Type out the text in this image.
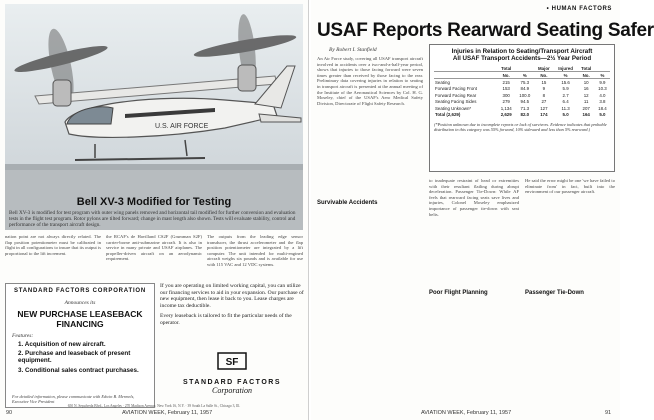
U.S. AIR FORCE
Bell XV-3 Modified for Testing
Bell XV-3 is modified for test program with outer wing panels removed and horizontal tail modified for further conversion and evaluation tests in the flight test program. Rotor pylons are tilted forward; change in mast length also shown. Tests will evaluate stability, control and performance of the transport aircraft design.
nation point are not always directly related. The flap position potentiometer must be calibrated in flight in all configurations to insure that its output is proportional to the lift increment.
the RCAF's de Havilland CS2F (Grumman S2F) carrier-borne anti-submarine aircraft. It is also in service in many private and USAF airplanes. The propeller-driven aircraft on an aerodynamic requirement.
The outputs from the leading edge sensor transducer, the thrust accelerometer and the flap position potentiometer are integrated by a lift computer. The unit intended for multi-engined aircraft weighs six pounds and is available for use with 115 VAC and 12 VDC systems.
STANDARD FACTORS CORPORATION
Announces its
NEW PURCHASE LEASEBACK FINANCING
Features:
1. Acquisition of new aircraft.
2. Purchase and leaseback of present equipment.
3. Conditional sales contract purchases.
For detailed information, please communicate with Edwin B. Mermels, Executive Vice President

If you are operating on limited working capital, you can utilize our financing services to aid in your expansion. Our purchase of new equipment, then lease it back to you. Lease charges are income tax deductible.

Every leaseback is tailored to fit the particular needs of the operator.

SF
STANDARD FACTORS
Corporation
650 N. Sepulveda Blvd., Los Angeles · 270 Madison Avenue, New York 16, N.Y. · 39 South La Salle St., Chicago 3, Ill.
90	AVIATION WEEK, February 11, 1957
• HUMAN FACTORS
USAF Reports Rearward Seating Safer
By Robert I. Stanfield
An Air Force study, covering all USAF transport aircraft involved in accidents over a two-and-a-half-year period, shows that injuries to those facing forward were seven times greater than received by those facing to the rear. Preliminary data covering injuries in relation to seating in transport aircraft is presented at the annual meeting of the Institute of the Aeronautical Sciences by Col. H. G. Moseley, chief of the USAF's Aero Medical Safety Division, Directorate of Flight Safety Research.
Injuries in Relation to Seating/Transport Aircraft
All USAF Transport Accidents—2½ Year Period
	Total		Major	Injured	Total	
	No.	%	No.	%	No.	%
Seating	215	75.3	15	15.6	10	9.9
Forward Facing Front	153	84.9	9	5.9	16	10.3
Forward Facing Rear	300	100.0	8	2.7	12	4.0
Seating Facing Sides	279	94.5	27	6.4	11	3.8
Seating Unknown*	1,134	71.3	127	11.3	207	18.4
Total (2,629)	2,629	82.0	174	5.0	164	5.0
(*Position unknown due to incomplete reports or lack of survivors. Evidence indicates that probable distribution in this category was 55% forward, 10% sideward and less than 5% rearward.)
to inadequate restraint of head or extremities with their resultant flailing during abrupt deceleration. Passenger Tie-Down: While AF feels that rearward facing seats save lives and injuries, Colonel Moseley emphasized importance of passenger tie-down with seat belts.
He said the error might be one 'we have failed to eliminate from' in fact, built into the environment of our passenger aircraft.
Survivable Accidents
Poor Flight Planning	Passenger Tie-Down
AVIATION WEEK, February 11, 1957	91
